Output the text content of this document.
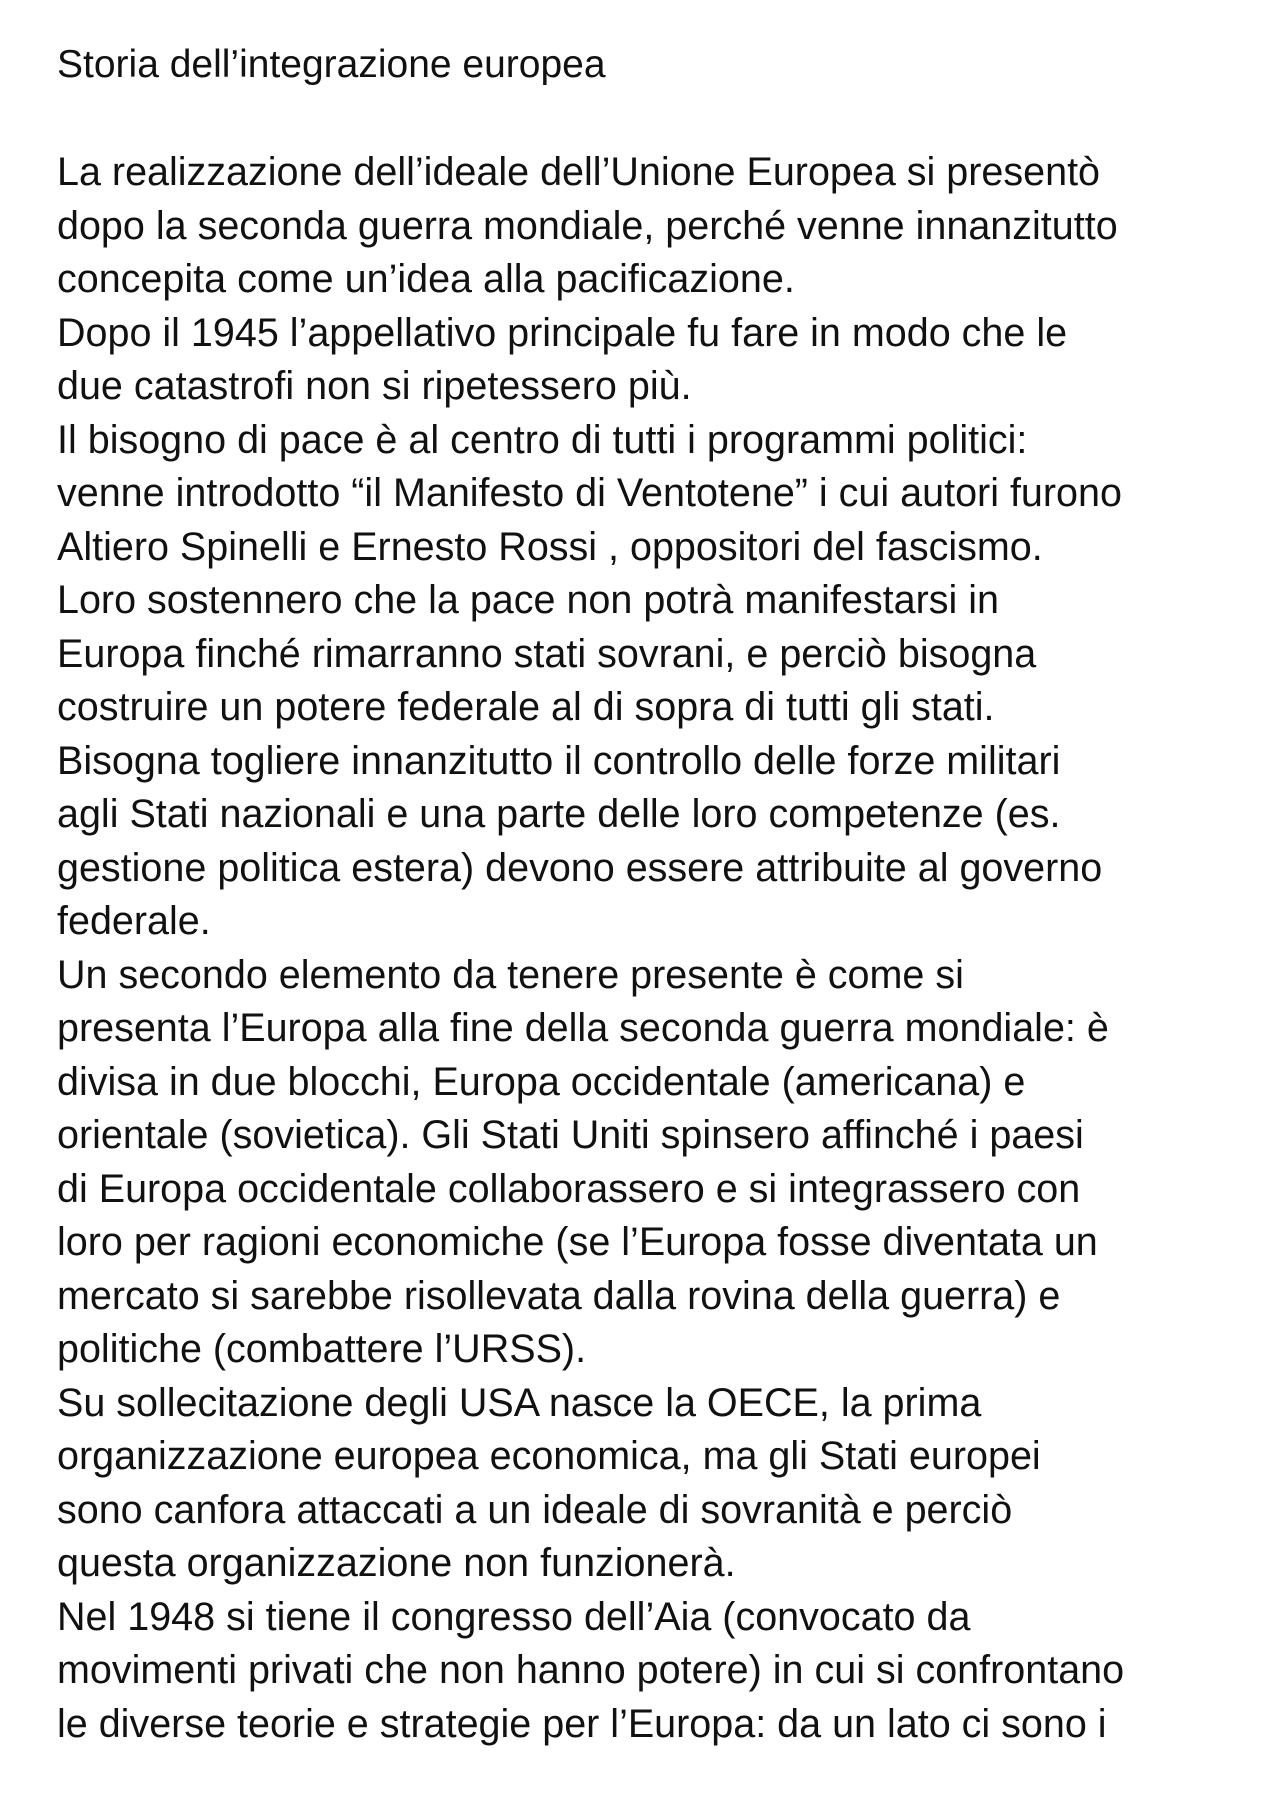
Storia dell’integrazione europea
La realizzazione dell’ideale dell’Unione Europea si presentò
dopo la seconda guerra mondiale, perché venne innanzitutto
concepita come un’idea alla pacificazione.
Dopo il 1945 l’appellativo principale fu fare in modo che le
due catastrofi non si ripetessero più.
Il bisogno di pace è al centro di tutti i programmi politici:
venne introdotto “il Manifesto di Ventotene” i cui autori furono
Altiero Spinelli e Ernesto Rossi , oppositori del fascismo.
Loro sostennero che la pace non potrà manifestarsi in
Europa finché rimarranno stati sovrani, e perciò bisogna
costruire un potere federale al di sopra di tutti gli stati.
Bisogna togliere innanzitutto il controllo delle forze militari
agli Stati nazionali e una parte delle loro competenze (es.
gestione politica estera) devono essere attribuite al governo
federale.
Un secondo elemento da tenere presente è come si
presenta l’Europa alla fine della seconda guerra mondiale: è
divisa in due blocchi, Europa occidentale (americana) e
orientale (sovietica). Gli Stati Uniti spinsero affinché i paesi
di Europa occidentale collaborassero e si integrassero con
loro per ragioni economiche (se l’Europa fosse diventata un
mercato si sarebbe risollevata dalla rovina della guerra) e
politiche (combattere l’URSS).
Su sollecitazione degli USA nasce la OECE, la prima
organizzazione europea economica, ma gli Stati europei
sono canfora attaccati a un ideale di sovranità e perciò
questa organizzazione non funzionerà.
Nel 1948 si tiene il congresso dell’Aia (convocato da
movimenti privati che non hanno potere) in cui si confrontano
le diverse teorie e strategie per l’Europa: da un lato ci sono i
